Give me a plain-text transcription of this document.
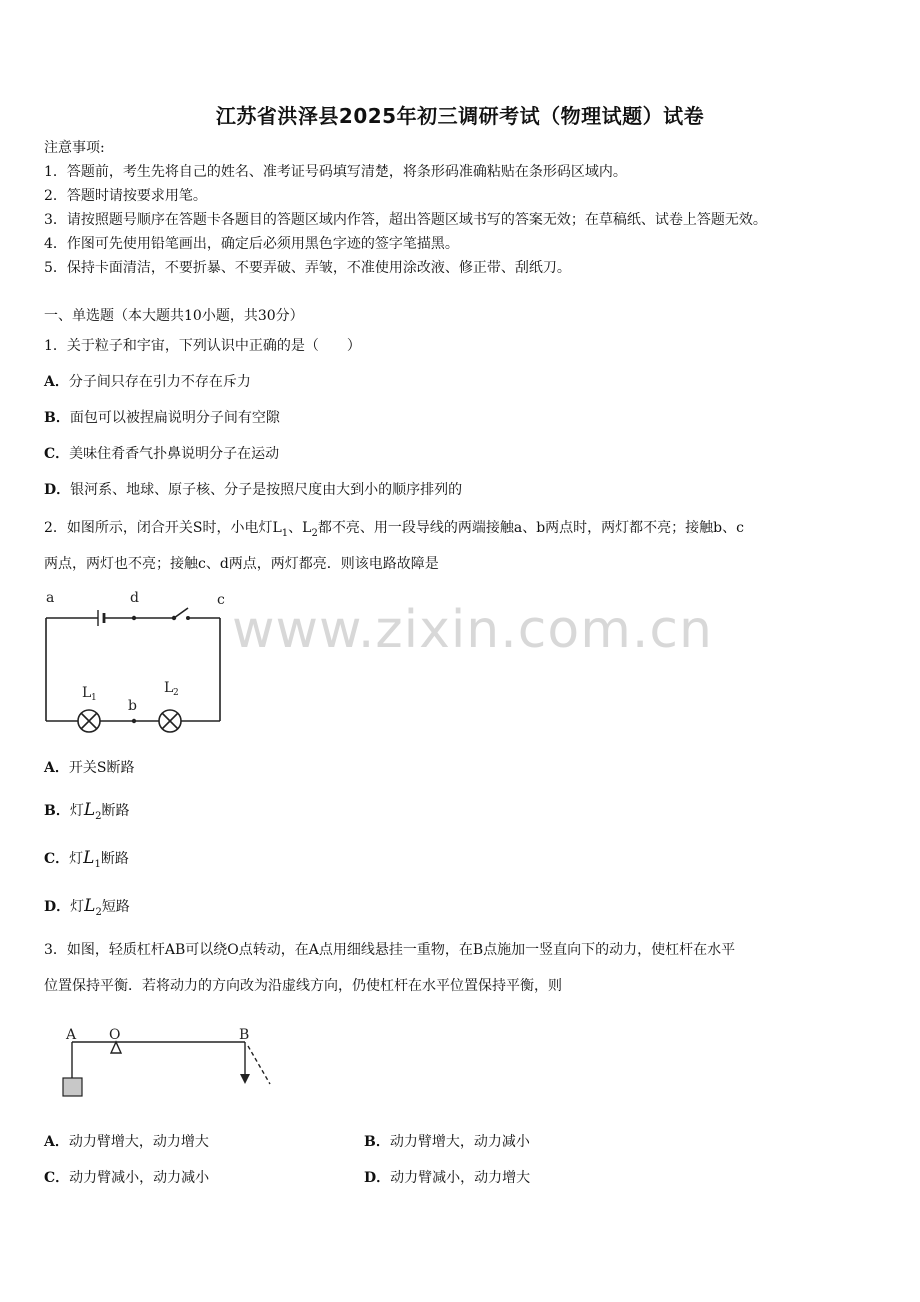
江苏省洪泽县2025年初三调研考试（物理试题）试卷
注意事项:
1．答题前，考生先将自己的姓名、准考证号码填写清楚，将条形码准确粘贴在条形码区域内。
2．答题时请按要求用笔。
3．请按照题号顺序在答题卡各题目的答题区域内作答，超出答题区域书写的答案无效；在草稿纸、试卷上答题无效。
4．作图可先使用铅笔画出，确定后必须用黑色字迹的签字笔描黑。
5．保持卡面清洁，不要折暴、不要弄破、弄皱，不准使用涂改液、修正带、刮纸刀。
一、单选题（本大题共10小题，共30分）
1．关于粒子和宇宙，下列认识中正确的是（　　）
A．分子间只存在引力不存在斥力
B．面包可以被捏扁说明分子间有空隙
C．美味住肴香气扑鼻说明分子在运动
D．银河系、地球、原子核、分子是按照尺度由大到小的顺序排列的
2．如图所示，闭合开关S时，小电灯$L_1$、$L_2$都不亮、用一段导线的两端接触a、b两点时，两灯都不亮；接触b、c
两点，两灯也不亮；接触c、d两点，两灯都亮．则该电路故障是
www.zixin.com.cn
a	d	c
b
L 1
L 2
A．开关S断路
B．灯$L_2$断路
C．灯$L_1$断路
D．灯$L_2$短路
3．如图，轻质杠杆AB可以绕O点转动，在A点用细线悬挂一重物，在B点施加一竖直向下的动力，使杠杆在水平
位置保持平衡．若将动力的方向改为沿虚线方向，仍使杠杆在水平位置保持平衡，则
A O	B
A．动力臂增大，动力增大	B．动力臂增大，动力减小
C．动力臂减小，动力减小	D．动力臂减小，动力增大
